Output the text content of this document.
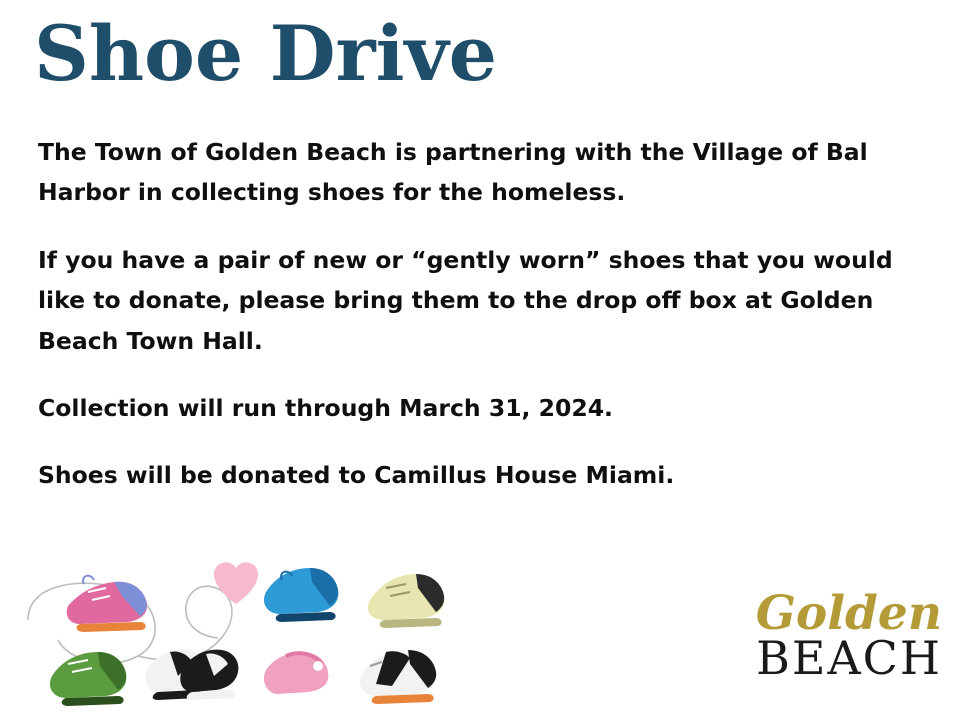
Shoe Drive

The Town of Golden Beach is partnering with the Village of Bal Harbor in collecting shoes for the homeless.

If you have a pair of new or “gently worn” shoes that you would like to donate, please bring them to the drop off box at Golden Beach Town Hall.

Collection will run through March 31, 2024.

Shoes will be donated to Camillus House Miami.

Golden
BEACH
